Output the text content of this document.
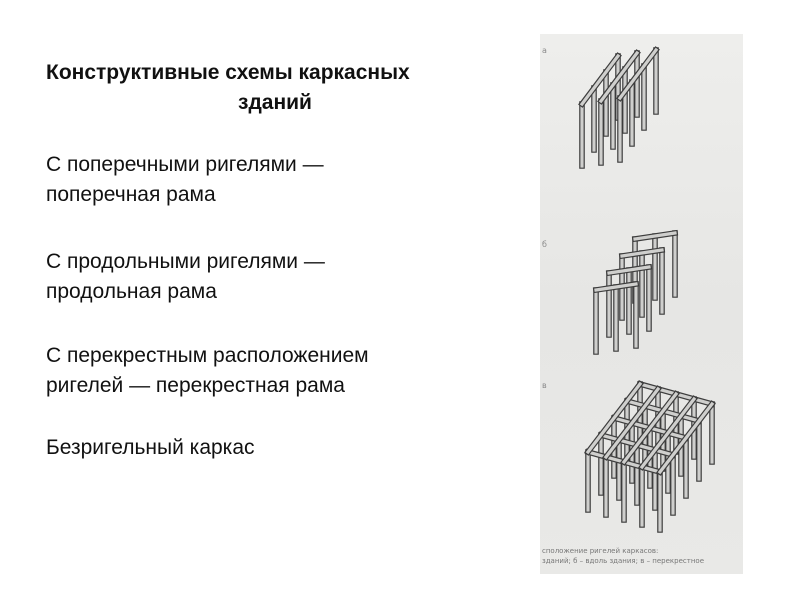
Конструктивные схемы каркасных
зданий
С поперечными ригелями —
поперечная рама
С продольными ригелями —
продольная рама
С перекрестным расположением
ригелей — перекрестная рама
Безригельный каркас
а
б
в
сположение ригелей каркасов:
зданий; б – вдоль здания; в – перекрестное
